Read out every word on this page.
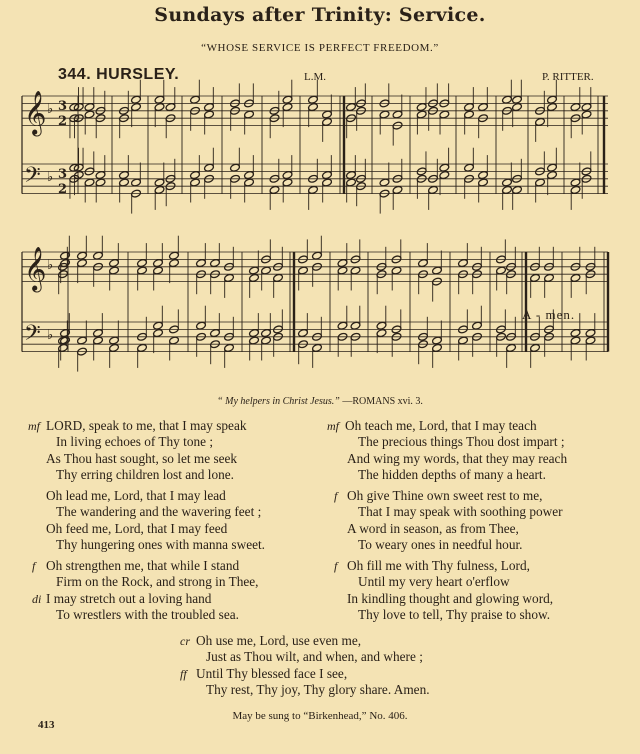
Sundays after Trinity: Service.
“WHOSE SERVICE IS PERFECT FREEDOM.”
344. HURSLEY.	L.M.	P. RITTER.
𝄞 ♭ 3
2
𝄢 ♭ 3
2
𝄞 ♭
𝄢 ♭
A - men.
“ My helpers in Christ Jesus.” —ROMANS xvi. 3.
mf LORD, speak to me, that I may speak
In living echoes of Thy tone ;
As Thou hast sought, so let me seek
Thy erring children lost and lone.
Oh lead me, Lord, that I may lead
The wandering and the wavering feet ;
Oh feed me, Lord, that I may feed
Thy hungering ones with manna sweet.
f Oh strengthen me, that while I stand
Firm on the Rock, and strong in Thee,
di I may stretch out a loving hand
To wrestlers with the troubled sea.
mf Oh teach me, Lord, that I may teach
The precious things Thou dost impart ;
And wing my words, that they may reach
The hidden depths of many a heart.
f Oh give Thine own sweet rest to me,
That I may speak with soothing power
A word in season, as from Thee,
To weary ones in needful hour.
f Oh fill me with Thy fulness, Lord,
Until my very heart o'erflow
In kindling thought and glowing word,
Thy love to tell, Thy praise to show.
cr Oh use me, Lord, use even me,
Just as Thou wilt, and when, and where ;
ff Until Thy blessed face I see,
Thy rest, Thy joy, Thy glory share. Amen.
May be sung to “Birkenhead,” No. 406.
413
